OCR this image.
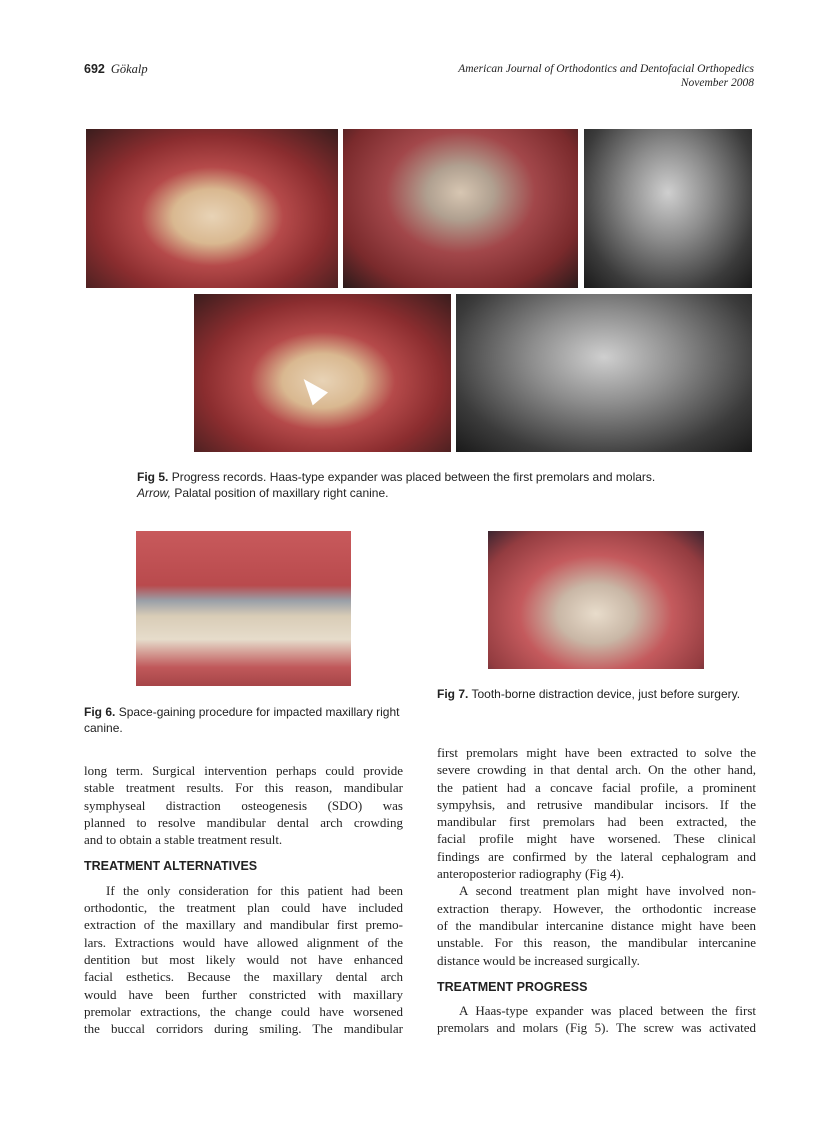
692 Gökalp	American Journal of Orthodontics and Dentofacial Orthopedics
November 2008
Fig 5. Progress records. Haas-type expander was placed between the first premolars and molars.
Arrow, Palatal position of maxillary right canine.
Fig 6. Space-gaining procedure for impacted maxillary right canine.
Fig 7. Tooth-borne distraction device, just before surgery.
long term. Surgical intervention perhaps could provide
stable treatment results. For this reason, mandibular
symphyseal distraction osteogenesis (SDO) was
planned to resolve mandibular dental arch crowding
and to obtain a stable treatment result.
TREATMENT ALTERNATIVES
If the only consideration for this patient had been
orthodontic, the treatment plan could have included
extraction of the maxillary and mandibular first premo-
lars. Extractions would have allowed alignment of the
dentition but most likely would not have enhanced
facial esthetics. Because the maxillary dental arch
would have been further constricted with maxillary
premolar extractions, the change could have worsened
the buccal corridors during smiling. The mandibular
first premolars might have been extracted to solve the
severe crowding in that dental arch. On the other hand,
the patient had a concave facial profile, a prominent
sympyhsis, and retrusive mandibular incisors. If the
mandibular first premolars had been extracted, the
facial profile might have worsened. These clinical
findings are confirmed by the lateral cephalogram and
anteroposterior radiography (Fig 4).
A second treatment plan might have involved non-
extraction therapy. However, the orthodontic increase
of the mandibular intercanine distance might have been
unstable. For this reason, the mandibular intercanine
distance would be increased surgically.
TREATMENT PROGRESS
A Haas-type expander was placed between the first
premolars and molars (Fig 5). The screw was activated
